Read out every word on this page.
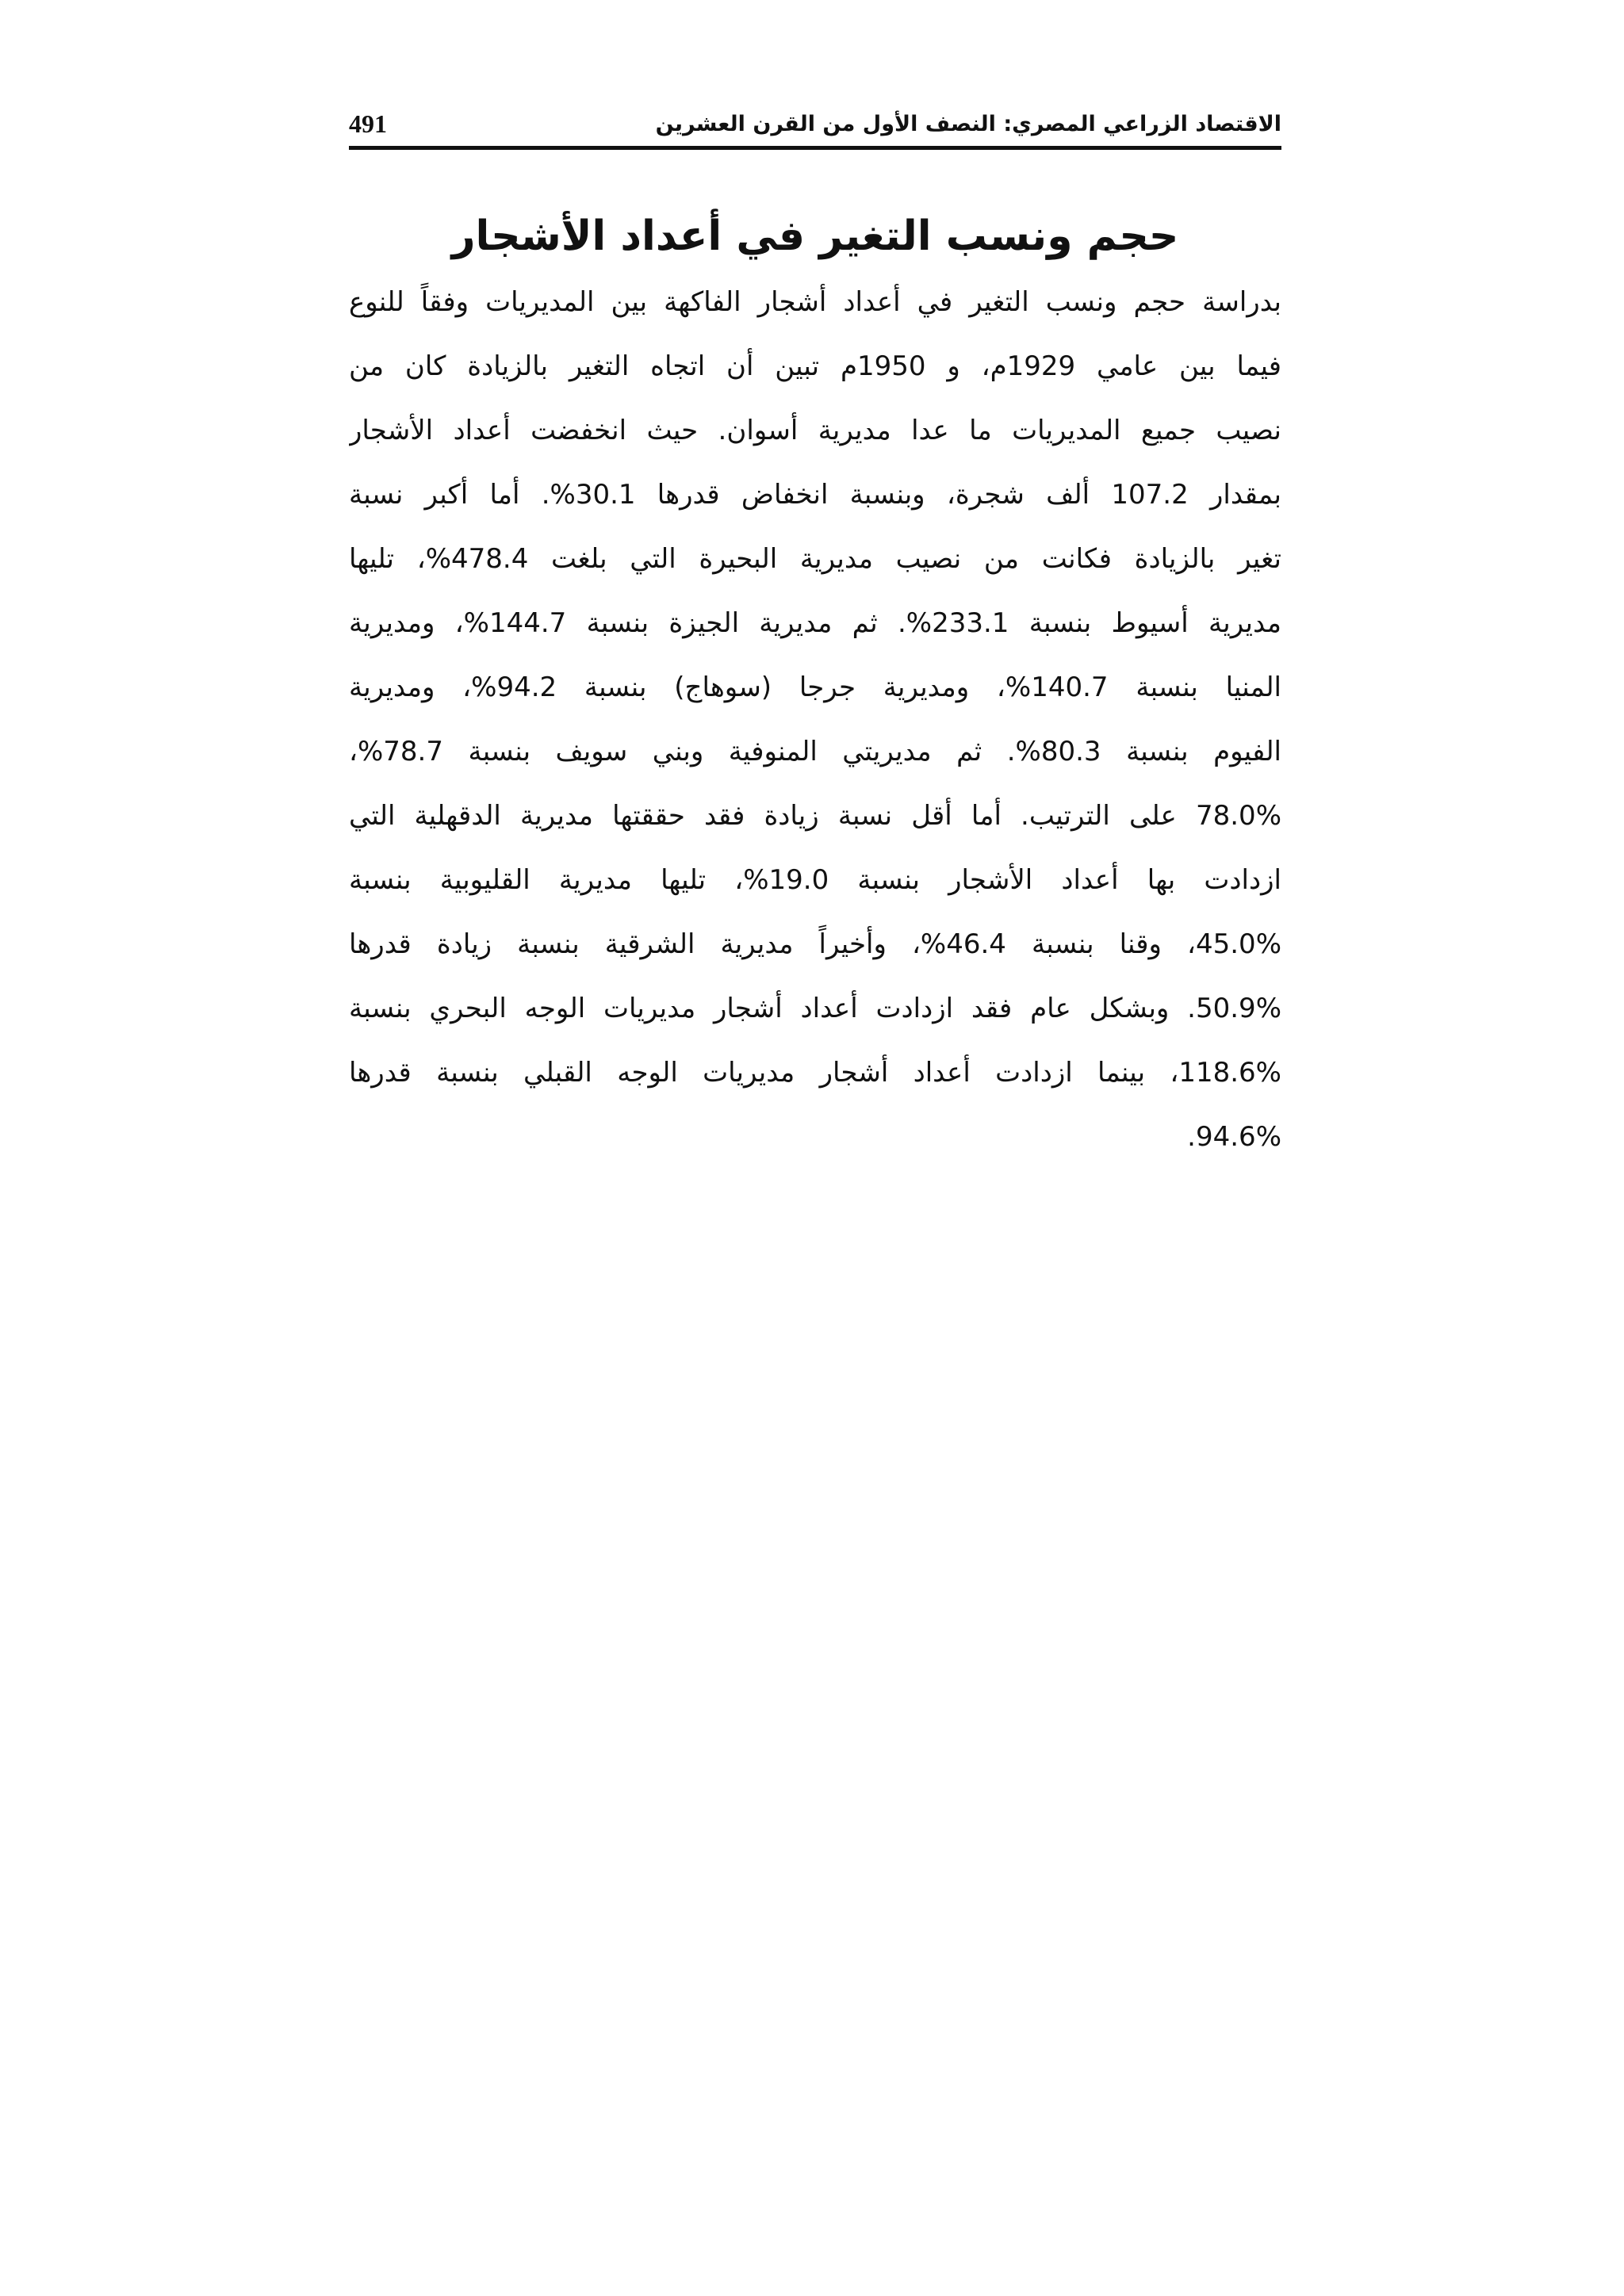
الاقتصاد الزراعي المصري: النصف الأول من القرن العشرين
491
حجم ونسب التغير في أعداد الأشجار
بدراسة حجم ونسب التغير في أعداد أشجار الفاكهة بين المديريات وفقاً للنوع
فيما بين عامي 1929م، و 1950م تبين أن اتجاه التغير بالزيادة كان من
نصيب جميع المديريات ما عدا مديرية أسوان. حيث انخفضت أعداد الأشجار
بمقدار 107.2 ألف شجرة، وبنسبة انخفاض قدرها 30.1%. أما أكبر نسبة
تغير بالزيادة فكانت من نصيب مديرية البحيرة التي بلغت 478.4%، تليها
مديرية أسيوط بنسبة 233.1%. ثم مديرية الجيزة بنسبة 144.7%، ومديرية
المنيا بنسبة 140.7%، ومديرية جرجا (سوهاج) بنسبة 94.2%، ومديرية
الفيوم بنسبة 80.3%. ثم مديريتي المنوفية وبني سويف بنسبة 78.7%،
78.0% على الترتيب. أما أقل نسبة زيادة فقد حققتها مديرية الدقهلية التي
ازدادت بها أعداد الأشجار بنسبة 19.0%، تليها مديرية القليوبية بنسبة
45.0%، وقنا بنسبة 46.4%، وأخيراً مديرية الشرقية بنسبة زيادة قدرها
50.9%. وبشكل عام فقد ازدادت أعداد أشجار مديريات الوجه البحري بنسبة
118.6%، بينما ازدادت أعداد أشجار مديريات الوجه القبلي بنسبة قدرها
94.6%.
